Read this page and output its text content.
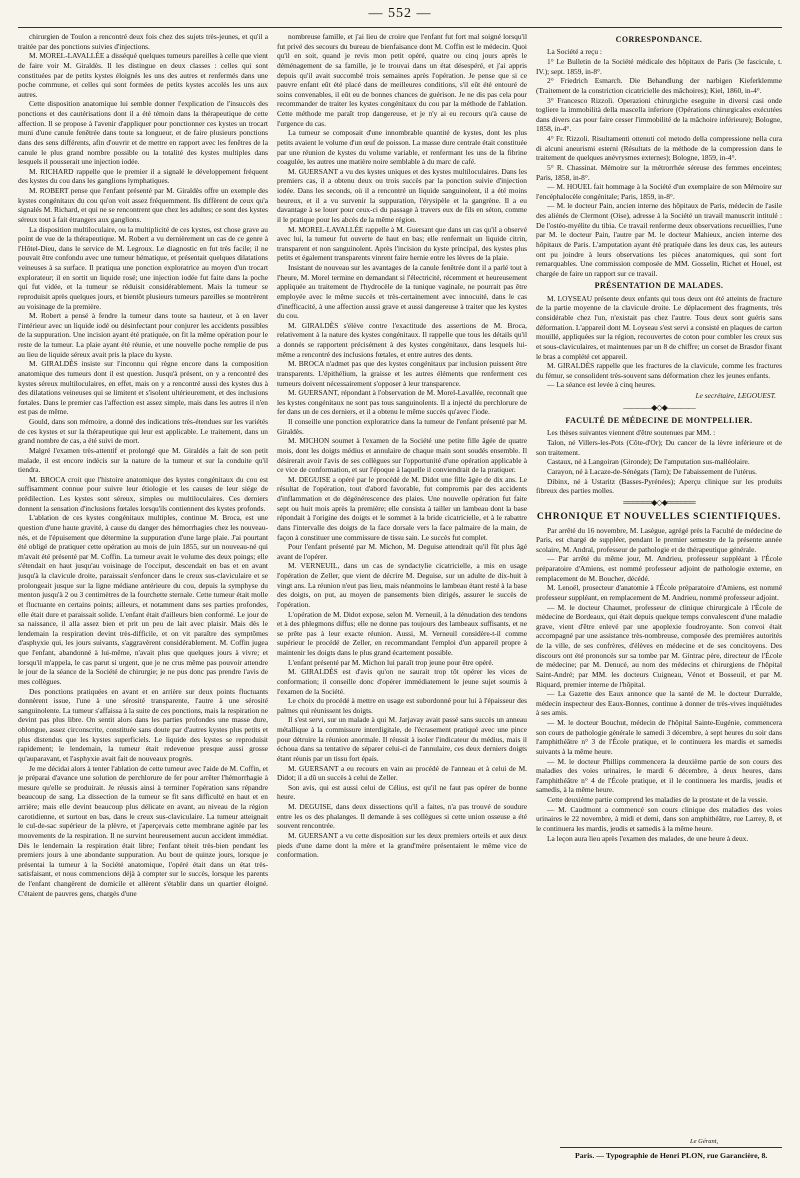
— 552 —

chirurgien de Toulon a rencontré deux fois chez des sujets très-jeunes, et qu'il a traitée par des ponctions suivies d'injections.

M. MOREL-LAVALLÉE a disséqué quelques tumeurs pareilles à celle que vient de faire voir M. Giraldès. Il les distingue en deux classes : celles qui sont constituées par de petits kystes éloignés les uns des autres et renfermés dans une poche commune, et celles qui sont formées de petits kystes accolés les uns aux autres.

Cette disposition anatomique lui semble donner l'explication de l'insuccès des ponctions et des cautérisations dont il a été témoin dans la thérapeutique de cette affection. Il se propose à l'avenir d'appliquer pour ponctionner ces kystes un trocart muni d'une canule fenêtrée dans toute sa longueur, et de faire plusieurs ponctions dans des sens différents, afin d'ouvrir et de mettre en rapport avec les fenêtres de la canule le plus grand nombre possible ou la totalité des kystes multiples dans lesquels il pousserait une injection iodée.

M. RICHARD rappelle que le premier il a signalé le développement fréquent des kystes du cou dans les ganglions lymphatiques.

M. ROBERT pense que l'enfant présenté par M. Giraldès offre un exemple des kystes congénitaux du cou qu'on voit assez fréquemment. Ils diffèrent de ceux qu'a signalés M. Richard, et qui ne se rencontrent que chez les adultes; ce sont des kystes séreux tout à fait étrangers aux ganglions.

La disposition multiloculaire, ou la multiplicité de ces kystes, est chose grave au point de vue de la thérapeutique. M. Robert a vu dernièrement un cas de ce genre à l'Hôtel-Dieu, dans le service de M. Legroux. Le diagnostic en fut très facile; il ne pouvait être confondu avec une tumeur hématique, et présentait quelques dilatations veineuses à sa surface. Il pratiqua une ponction exploratrice au moyen d'un trocart explorateur; il en sortit un liquide rosé; une injection iodée fut faite dans la poche qui fut vidée, et la tumeur se réduisit considérablement. Mais la tumeur se reproduisit après quelques jours, et bientôt plusieurs tumeurs pareilles se montrèrent au voisinage de la première.

M. Robert a pensé à fendre la tumeur dans toute sa hauteur, et à en laver l'intérieur avec un liquide iodé ou désinfectant pour conjurer les accidents possibles de la suppuration. Une incision ayant été pratiquée, on fit la même opération pour le reste de la tumeur. La plaie ayant été réunie, et une nouvelle poche remplie de pus au lieu de liquide séreux avait pris la place du kyste.

M. GIRALDÈS insiste sur l'inconnu qui règne encore dans la composition anatomique des tumeurs dont il est question. Jusqu'à présent, on y a rencontré des kystes séreux multiloculaires, en effet, mais on y a rencontré aussi des kystes dus à des dilatations veineuses qui se limitent et s'isolent ultérieurement, et des inclusions fœtales. Dans le premier cas l'affection est assez simple, mais dans les autres il n'en est pas de même.

Gould, dans son mémoire, a donné des indications très-étendues sur les variétés de ces kystes et sur la thérapeutique qui leur est applicable. Le traitement, dans un grand nombre de cas, a été suivi de mort.

Malgré l'examen très-attentif et prolongé que M. Giraldès a fait de son petit malade, il est encore indécis sur la nature de la tumeur et sur la conduite qu'il tiendra.

M. BROCA croit que l'histoire anatomique des kystes congénitaux du cou est suffisamment connue pour suivre leur étiologie et les causes de leur siége de prédilection. Les kystes sont séreux, simples ou multiloculaires. Ces derniers donnent la sensation d'inclusions fœtales lorsqu'ils contiennent des kystes profonds.

L'ablation de ces kystes congénitaux multiples, continue M. Broca, est une question d'une haute gravité, à cause du danger des hémorrhagies chez les nouveau-nés, et de l'épuisement que détermine la suppuration d'une large plaie. J'ai pourtant été obligé de pratiquer cette opération au mois de juin 1855, sur un nouveau-né qui m'avait été présenté par M. Coffin. La tumeur avait le volume des deux poings; elle s'étendait en haut jusqu'au voisinage de l'occiput, descendait en bas et en avant jusqu'à la clavicule droite, paraissait s'enfoncer dans le creux sus-claviculaire et se prolongeait jusque sur la ligne médiane antérieure du cou, depuis la symphyse du menton jusqu'à 2 ou 3 centimètres de la fourchette sternale. Cette tumeur était molle et fluctuante en certains points; ailleurs, et notamment dans ses parties profondes, elle était dure et paraissait solide. L'enfant était d'ailleurs bien conformé. Le jour de sa naissance, il alla assez bien et prit un peu de lait avec plaisir. Mais dès le lendemain la respiration devint très-difficile, et on vit paraître des symptômes d'asphyxie qui, les jours suivants, s'aggravèrent considérablement. M. Coffin jugea que l'enfant, abandonné à lui-même, n'avait plus que quelques jours à vivre; et lorsqu'il m'appela, le cas parut si urgent, que je ne crus même pas pouvoir attendre le jour de la séance de la Société de chirurgie; je ne pus donc pas prendre l'avis de mes collègues.

Des ponctions pratiquées en avant et en arrière sur deux points fluctuants donnèrent issue, l'une à une sérosité transparente, l'autre à une sérosité sanguinolente. La tumeur s'affaissa à la suite de ces ponctions, mais la respiration ne devint pas plus libre. On sentit alors dans les parties profondes une masse dure, oblongue, assez circonscrite, constituée sans doute par d'autres kystes plus petits et plus distendus que les kystes superficiels. Le liquide des kystes se reproduisit rapidement; le lendemain, la tumeur était redevenue presque aussi grosse qu'auparavant, et l'asphyxie avait fait de nouveaux progrès.

Je me décidai alors à tenter l'ablation de cette tumeur avec l'aide de M. Coffin, et je préparai d'avance une solution de perchlorure de fer pour arrêter l'hémorrhagie à mesure qu'elle se produirait. Je réussis ainsi à terminer l'opération sans répandre beaucoup de sang. La dissection de la tumeur se fit sans difficulté en haut et en arrière; mais elle devint beaucoup plus délicate en avant, au niveau de la région carotidienne, et surtout en bas, dans le creux sus-claviculaire. La tumeur atteignait le cul-de-sac supérieur de la plèvre, et j'aperçevais cette membrane agitée par les mouvements de la respiration. Il ne survint heureusement aucun accident immédiat. Dès le lendemain la respiration était libre; l'enfant téteit très-bien pendant les premiers jours à une abondante suppuration. Au bout de quinze jours, lorsque je présentai la tumeur à la Société anatomique, l'opéré était dans un état très-satisfaisant, et nous commencions déjà à compter sur le succès, lorsque les parents de l'enfant changèrent de domicile et allèrent s'établir dans un quartier éloigné. C'étaient de pauvres gens, chargés d'une

nombreuse famille, et j'ai lieu de croire que l'enfant fut fort mal soigné lorsqu'il fut privé des secours du bureau de bienfaisance dont M. Coffin est le médecin. Quoi qu'il en soit, quand je revis mon petit opéré, quatre ou cinq jours après le déménagement de sa famille, je le trouvai dans un état désespéré, et j'ai appris depuis qu'il avait succombé trois semaines après l'opération. Je pense que si ce pauvre enfant eût été placé dans de meilleures conditions, s'il eût été entouré de soins convenables, il eût eu de bonnes chances de guérison. Je ne dis pas cela pour recommander de traiter les kystes congénitaux du cou par la méthode de l'ablation. Cette méthode me paraît trop dangereuse, et je n'y ai eu recours qu'à cause de l'urgence du cas.

La tumeur se composait d'une innombrable quantité de kystes, dont les plus petits avaient le volume d'un œuf de poisson. La masse dure centrale était constituée par une réunion de kystes du volume variable, et renfermant les uns de la fibrine coagulée, les autres une matière noire semblable à du marc de café.

M. GUERSANT a vu des kystes uniques et des kystes multiloculaires. Dans les premiers cas, il a obtenu deux ou trois succès par la ponction suivie d'injection iodée. Dans les seconds, où il a rencontré un liquide sanguinolent, il a été moins heureux, et il a vu survenir la suppuration, l'érysipèle et la gangrène. Il a eu davantage à se louer pour ceux-ci du passage à travers eux de fils en séton, comme il le pratique pour les abcès de la même région.

M. MOREL-LAVALLÉE rappelle à M. Guersant que dans un cas qu'il a observé avec lui, la tumeur fut ouverte de haut en bas; elle renfermait un liquide citrin, transparent et non sanguinolent. Après l'incision du kyste principal, des kystes plus petits et également transparents vinrent faire hernie entre les lèvres de la plaie.

Insistant de nouveau sur les avantages de la canule fenêtrée dont il a parlé tout à l'heure, M. Morel termine en demandant si l'électricité, récemment et heureusement appliquée au traitement de l'hydrocèle de la tunique vaginale, ne pourrait pas être employée avec le même succès et très-certainement avec innocuité, dans le cas d'inefficacité, à une affection aussi grave et aussi dangereuse à traiter que les kystes du cou.

M. GIRALDÈS s'élève contre l'exactitude des assertions de M. Broca, relativement à la nature des kystes congénitaux. Il rappelle que tous les détails qu'il a donnés se rapportent précisément à des kystes congénitaux, dans lesquels lui-même a rencontré des inclusions fœtales, et entre autres des dents.

M. BROCA n'admet pas que des kystes congénitaux par inclusion puissent être transparents. L'épithélium, la graisse et les autres éléments que renferment ces tumeurs doivent nécessairement s'opposer à leur transparence.

M. GUERSANT, répondant à l'observation de M. Morel-Lavallée, reconnaît que les kystes congénitaux ne sont pas tous sanguinolents. Il a injecté du perchlorure de fer dans un de ces derniers, et il a obtenu le même succès qu'avec l'iode.

Il conseille une ponction exploratrice dans la tumeur de l'enfant présenté par M. Giraldès.

M. MICHON soumet à l'examen de la Société une petite fille âgée de quatre mois, dont les doigts médius et annulaire de chaque main sont soudés ensemble. Il désirerait avoir l'avis de ses collègues sur l'opportunité d'une opération applicable à ce vice de conformation, et sur l'époque à laquelle il conviendrait de la pratiquer.

M. DEGUISE a opéré par le procédé de M. Didot une fille âgée de dix ans. Le résultat de l'opération, tout d'abord favorable, fut compromis par des accidents d'inflammation et de dégénérescence des plaies. Une nouvelle opération fut faite sept ou huit mois après la première; elle consista à tailler un lambeau dont la base répondait à l'origine des doigts et le sommet à la bride cicatricielle, et à le rabattre dans l'intervalle des doigts de la face dorsale vers la face palmaire de la main, de façon à constituer une commissure de tissu sain. Le succès fut complet.

Pour l'enfant présenté par M. Michon, M. Deguise attendrait qu'il fût plus âgé avant de l'opérer.

M. VERNEUIL, dans un cas de syndactylie cicatricielle, a mis en usage l'opération de Zeller, que vient de décrire M. Deguise, sur un adulte de dix-huit à vingt ans. La réunion n'eut pas lieu, mais néanmoins le lambeau étant resté à la base des doigts, on put, au moyen de pansements bien dirigés, assurer le succès de l'opération.

L'opération de M. Didot expose, selon M. Verneuil, à la dénudation des tendons et à des phlegmons diffus; elle ne donne pas toujours des lambeaux suffisants, et ne se prête pas à leur exacte réunion. Aussi, M. Verneuil considère-t-il comme supérieur le procédé de Zeller, en recommandant l'emploi d'un appareil propre à maintenir les doigts dans le plus grand écartement possible.

L'enfant présenté par M. Michon lui paraît trop jeune pour être opéré.

M. GIRALDÈS est d'avis qu'on ne saurait trop tôt opérer les vices de conformation; il conseille donc d'opérer immédiatement le jeune sujet soumis à l'examen de la Société.

Le choix du procédé à mettre en usage est subordonné pour lui à l'épaisseur des palmes qui réunissent les doigts.

Il s'est servi, sur un malade à qui M. Jarjavay avait passé sans succès un anneau métallique à la commissure interdigitale, de l'écrasement pratiqué avec une pince pour détruire la réunion anormale. Il réussit à isoler l'indicateur du médius, mais il échoua dans sa tentative de séparer celui-ci de l'annulaire, ces deux derniers doigts étant réunis par un tissu fort épais.

M. GUERSANT a eu recours en vain au procédé de l'anneau et à celui de M. Didot; il a dû un succès à celui de Zeller.

Son avis, qui est aussi celui de Célius, est qu'il ne faut pas opérer de bonne heure.

M. DEGUISE, dans deux dissections qu'il a faites, n'a pas trouvé de soudure entre les os des phalanges. Il demande à ses collègues si cette union osseuse a été souvent rencontrée.

M. GUERSANT a vu cette disposition sur les deux premiers orteils et aux deux pieds d'une dame dont la mère et la grand'mère présentaient le même vice de conformation.

CORRESPONDANCE.

La Société a reçu :

1° Le Bulletin de la Société médicale des hôpitaux de Paris (3e fascicule, t. IV.); sept. 1859, in-8°.

2° Friedrich Esmarch. Die Behandlung der narbigen Kieferklemme (Traitement de la constriction cicatricielle des mâchoires); Kiel, 1860, in-4°.

3° Francesco Rizzoli. Operazioni chirurgiche eseguite in diversi casi onde togliere la immobilità della mascella inferiore (Opérations chirurgicales exécutées dans divers cas pour faire cesser l'immobilité de la mâchoire inférieure); Bologne, 1858, in-4°.

4° Fr. Rizzoli. Risultamenti ottenuti col metodo della compressione nella cura di alcuni aneurismi esterni (Résultats de la méthode de la compression dans le traitement de quelques anévrysmes externes); Bologne, 1859, in-4°.

5° R. Chassinat. Mémoire sur la métrorrhée séreuse des femmes enceintes; Paris, 1858, in-8°.

— M. HOUEL fait hommage à la Société d'un exemplaire de son Mémoire sur l'encéphalocèle congénitale; Paris, 1859, in-8°.

— M. le docteur Pain, ancien interne des hôpitaux de Paris, médecin de l'asile des aliénés de Clermont (Oise), adresse à la Société un travail manuscrit intitulé : De l'ostéo-myélite du tibia. Ce travail renferme deux observations recueillies, l'une par M. le docteur Pain, l'autre par M. le docteur Mahieux, ancien interne des hôpitaux de Paris. L'amputation ayant été pratiquée dans les deux cas, les auteurs ont pu joindre à leurs observations les pièces anatomiques, qui sont fort remarquables. Une commission composée de MM. Gosselin, Richet et Houel, est chargée de faire un rapport sur ce travail.

PRÉSENTATION DE MALADES.

M. LOYSEAU présente deux enfants qui tous deux ont été atteints de fracture de la partie moyenne de la clavicule droite. Le déplacement des fragments, très considérable chez l'un, n'existait pas chez l'autre. Tous deux sont guéris sans déformation. L'appareil dont M. Loyseau s'est servi a consisté en plaques de carton mouillé, appliquées sur la région, recouvertes de coton pour combler les creux sus et sous-claviculaires, et maintenues par un 8 de chiffre; un corset de Brasdor fixant le bras a complété cet appareil.

M. GIRALDÈS rappelle que les fractures de la clavicule, comme les fractures du fémur, se consolident très-souvent sans déformation chez les jeunes enfants.

— La séance est levée à cinq heures.

Le secrétaire, LEGOUEST.
————◆◇◆————
FACULTÉ DE MÉDECINE DE MONTPELLIER.

Les thèses suivantes viennent d'être soutenues par MM. :

Talon, né Villers-les-Pots (Côte-d'Or); Du cancer de la lèvre inférieure et de son traitement.

Castaux, né à Langoiran (Gironde); De l'amputation sus-malléolaire.

Carayon, né à Lacaze-de-Sénégats (Tarn); De l'abaissement de l'utérus.

Dibinx, né à Ustaritz (Basses-Pyrénées); Aperçu clinique sur les produits fibreux des parties molles.

══════◆◇◆══════
CHRONIQUE ET NOUVELLES SCIENTIFIQUES.

Par arrêté du 16 novembre, M. Lasègue, agrégé près la Faculté de médecine de Paris, est chargé de suppléer, pendant le premier semestre de la présente année scolaire, M. Andral, professeur de pathologie et de thérapeutique générale.

— Par arrêté du même jour, M. Andrieu, professeur suppléant à l'École préparatoire d'Amiens, est nommé professeur adjoint de pathologie externe, en remplacement de M. Boucher, décédé.

M. Lenoël, prosecteur d'anatomie à l'École préparatoire d'Amiens, est nommé professeur suppléant, en remplacement de M. Andrieu, nommé professeur adjoint.

— M. le docteur Chaumet, professeur de clinique chirurgicale à l'École de médecine de Bordeaux, qui était depuis quelque temps convalescent d'une maladie grave, vient d'être enlevé par une apoplexie foudroyante. Son convoi était accompagné par une assistance très-nombreuse, composée des premières autorités de la ville, de ses confrères, d'élèves en médecine et de ses concitoyens. Des discours ont été prononcés sur sa tombe par M. Gintrac père, directeur de l'École de médecine; par M. Denucé, au nom des médecins et chirurgiens de l'hôpital Saint-André; par MM. les docteurs Cuigneau, Vénot et Bosseuil, et par M. Riquard, premier interne de l'hôpital.

— La Gazette des Eaux annonce que la santé de M. le docteur Durralde, médecin inspecteur des Eaux-Bonnes, continue à donner de très-vives inquiétudes à ses amis.

— M. le docteur Bouchut, médecin de l'hôpital Sainte-Eugénie, commencera son cours de pathologie générale le samedi 3 décembre, à sept heures du soir dans l'amphithéâtre n° 3 de l'École pratique, et le continuera les mardis et samedis suivants à la même heure.

— M. le docteur Phillips commencera la deuxième partie de son cours des maladies des voies urinaires, le mardi 6 décembre, à deux heures, dans l'amphithéâtre n° 4 de l'École pratique, et il le continuera les mardis, jeudis et samedis, à la même heure.

Cette deuxième partie comprend les maladies de la prostate et de la vessie.

— M. Caudmont a commencé son cours clinique des maladies des voies urinaires le 22 novembre, à midi et demi, dans son amphithéâtre, rue Larrey, 8, et le continuera les mardis, jeudis et samedis à la même heure.

La leçon aura lieu après l'examen des malades, de une heure à deux.

Le Gérant,
Paris. — Typographie de Henri PLON, rue Garancière, 8.
